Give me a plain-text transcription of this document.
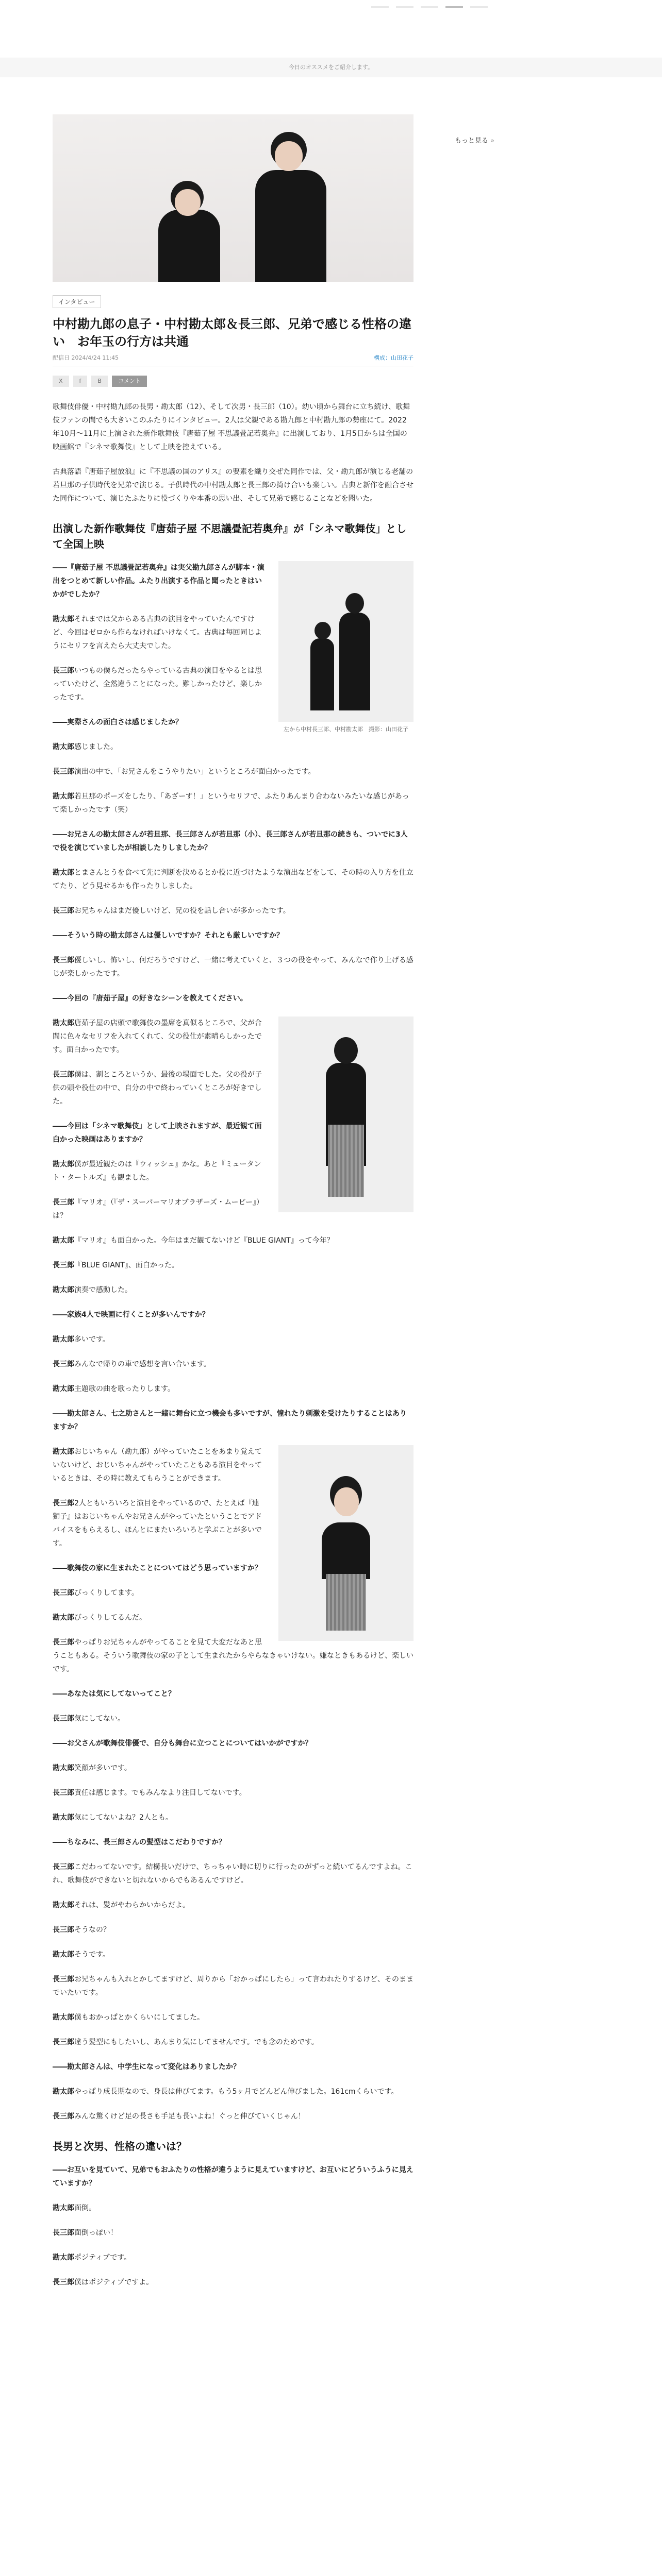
今日のオススメをご紹介します。
もっと見る »
インタビュー
中村勘九郎の息子・中村勘太郎＆長三郎、兄弟で感じる性格の違い　お年玉の行方は共通
配信日 2024/4/24 11:45	構成：山田花子
X	f	B	コメント

歌舞伎俳優・中村勘九郎の長男・勘太郎（12）、そして次男・長三郎（10）。幼い頃から舞台に立ち続け、歌舞伎ファンの間でも大きいこのふたりにインタビュー。2人は父親である勘九郎と中村勘九郎の勢座にて。2022年10月～11月に上演された新作歌舞伎『唐茹子屋 不思議畳記若奥弁』に出演しており、1月5日からは全国の映画館で『シネマ歌舞伎』として上映を控えている。

古典落語『唐茹子屋放浪』に『不思議の国のアリス』の要素を織り交ぜた同作では、父・勘九郎が演じる老舗の若旦那の子供時代を兄弟で演じる。子供時代の中村勘太郎と長三郎の掎け合いも楽しい。古典と新作を融合させた同作について、演じたふたりに役づくりや本番の思い出、そして兄弟で感じることなどを聞いた。

出演した新作歌舞伎『唐茹子屋 不思議畳記若奥弁』が「シネマ歌舞伎」として全国上映
左から中村長三郎、中村勘太郎　撮影：山田花子

――『唐茹子屋 不思議畳記若奥弁』は実父勘九郎さんが脚本・演出をつとめて新しい作品。ふたり出演する作品と聞ったときはいかがでしたか？

勘太郎それまでは父からある古典の演目をやっていたんですけど、今回はゼロから作らなければいけなくて。古典は毎回同じようにセリフを言えたら大丈夫でした。

長三郎いつもの僕らだったらやっている古典の演目をやるとは思っていたけど、全然違うことになった。難しかったけど、楽しかったです。

――実際さんの面白さは感じましたか？

勘太郎感じました。

長三郎演出の中で、「お兄さんをこうやりたい」というところが面白かったです。

勘太郎若旦那のポーズをしたり、「あざーす！」というセリフで、ふたりあんまり合わないみたいな感じがあって楽しかったです（笑）

――お兄さんの勘太郎さんが若旦那、長三郎さんが若旦那（小）、長三郎さんが若旦那の続きも、ついでに3人で役を演じていましたが相談したりしましたか？

勘太郎とまさんとうを食べて先に判断を決めるとか役に近づけたような演出などをして、その時の入り方を仕立てたり、どう見せるかも作ったりしました。

長三郎お兄ちゃんはまだ優しいけど、兄の役を話し合いが多かったです。

――そういう時の勘太郎さんは優しいですか？それとも厳しいですか？

長三郎優しいし、怖いし、何だろうですけど、一緒に考えていくと、３つの役をやって、みんなで作り上げる感じが楽しかったです。

――今回の『唐茹子屋』の好きなシーンを教えてください。

勘太郎唐茹子屋の店頭で歌舞伎の墨席を真似るところで、父が合間に色々なセリフを入れてくれて、父の役仕が素晴らしかったです。面白かったです。

長三郎僕は、割ところというか、最後の場面でした。父の役が子供の頭や役仕の中で、自分の中で終わっていくところが好きでした。

――今回は「シネマ歌舞伎」として上映されますが、最近観て面白かった映画はありますか？

勘太郎僕が最近観たのは『ウィッシュ』かな。あと『ミュータント・タートルズ』も観ました。

長三郎『マリオ』（『ザ・スーパーマリオブラザーズ・ムービー』）は？

勘太郎『マリオ』も面白かった。今年はまだ観てないけど『BLUE GIANT』って今年？

長三郎『BLUE GIANT』、面白かった。

勘太郎演奏で感動した。

――家族4人で映画に行くことが多いんですか？

勘太郎多いです。

長三郎みんなで帰りの車で感想を言い合います。

勘太郎主題歌の曲を歌ったりします。

――勘太郎さん、七之助さんと一緒に舞台に立つ機会も多いですが、憧れたり刺激を受けたりすることはありますか？

勘太郎おじいちゃん（勘九郎）がやっていたことをあまり覚えていないけど、おじいちゃんがやっていたこともある演目をやっているときは、その時に教えてもらうことができます。

長三郎2人ともいろいろと演目をやっているので、たとえば『連獅子』はおじいちゃんやお兄さんがやっていたということでアドバイスをもらえるし、ほんとにまたいろいろと学ぶことが多いです。

――歌舞伎の家に生まれたことについてはどう思っていますか？

長三郎びっくりしてます。

勘太郎びっくりしてるんだ。

長三郎やっぱりお兄ちゃんがやってることを見て大変だなあと思うこともある。そういう歌舞伎の家の子として生まれたからやらなきゃいけない。嫌なときもあるけど、楽しいです。

――あなたは気にしてないってこと？

長三郎気にしてない。

――お父さんが歌舞伎俳優で、自分も舞台に立つことについてはいかがですか？

勘太郎笑顔が多いです。

長三郎責任は感じます。でもみんなより注目してないです。

勘太郎気にしてないよね？2人とも。

――ちなみに、長三郎さんの髪型はこだわりですか？

長三郎こだわってないです。結構長いだけで、ちっちゃい時に切りに行ったのがずっと続いてるんですよね。これ、歌舞伎ができないと切れないからでもあるんですけど。

勘太郎それは、髪がやわらかいからだよ。

長三郎そうなの？

勘太郎そうです。

長三郎お兄ちゃんも入れとかしてますけど、周りから「おかっぱにしたら」って言われたりするけど、そのままでいたいです。

勘太郎僕もおかっぱとかくらいにしてました。

長三郎違う髪型にもしたいし、あんまり気にしてませんです。でも念のためです。

――勘太郎さんは、中学生になって変化はありましたか？

勘太郎やっぱり成長期なので、身長は伸びてます。もう5ヶ月でどんどん伸びました。161cmくらいです。

長三郎みんな驚くけど足の長さも手足も長いよね！ぐっと伸びていくじゃん！

長男と次男、性格の違いは？

――お互いを見ていて、兄弟でもおふたりの性格が違うように見えていますけど、お互いにどういうふうに見えていますか？

勘太郎面倒。

長三郎面倒っぽい！

勘太郎ポジティブです。

長三郎僕はポジティブですよ。
